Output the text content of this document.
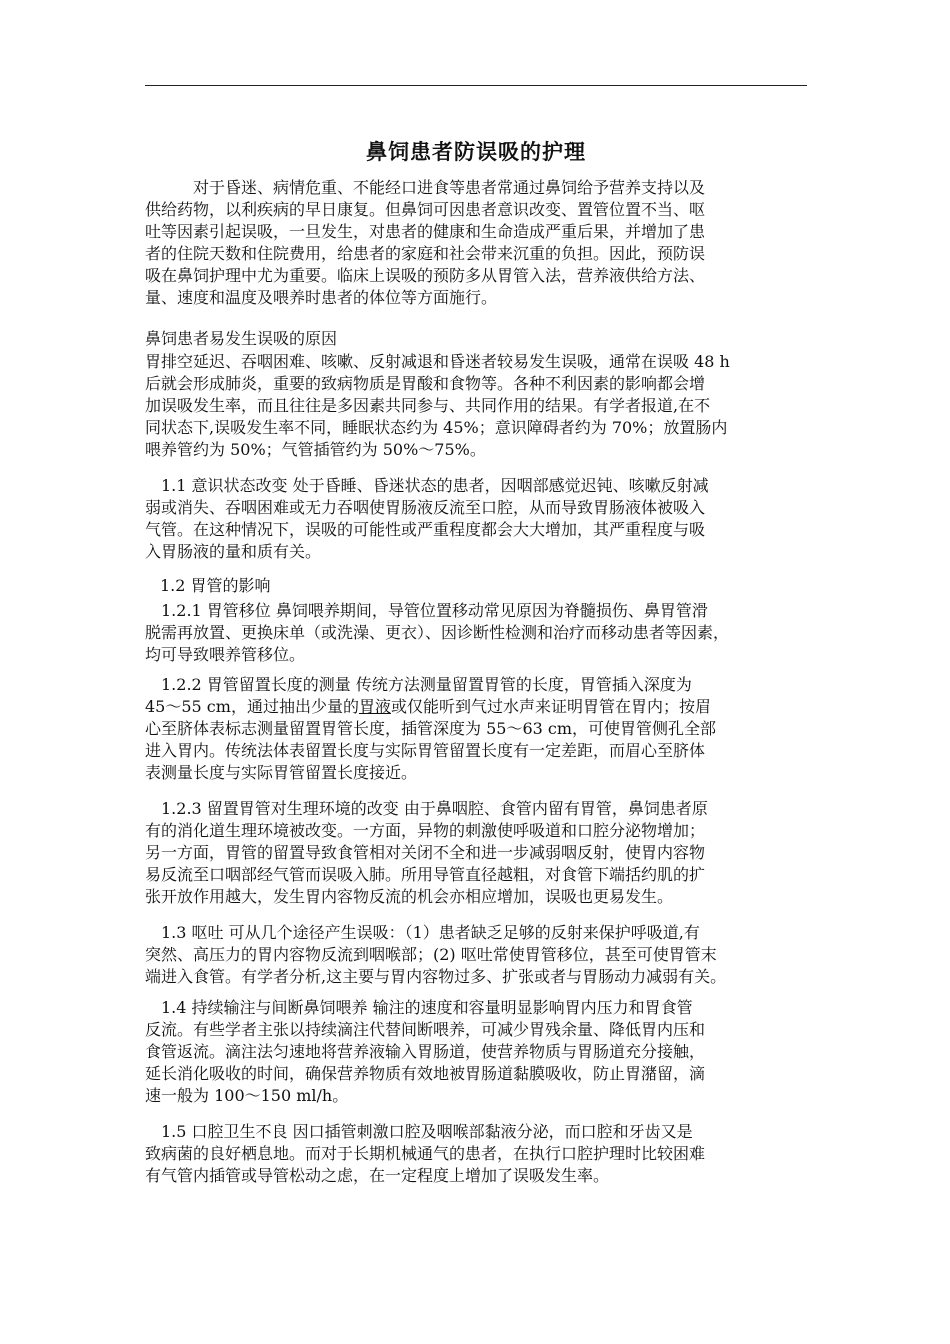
鼻饲患者防误吸的护理
　　　对于昏迷、病情危重、不能经口进食等患者常通过鼻饲给予营养支持以及
供给药物，以利疾病的早日康复。但鼻饲可因患者意识改变、置管位置不当、呕
吐等因素引起误吸，一旦发生，对患者的健康和生命造成严重后果，并增加了患
者的住院天数和住院费用，给患者的家庭和社会带来沉重的负担。因此，预防误
吸在鼻饲护理中尤为重要。临床上误吸的预防多从胃管入法，营养液供给方法、
量、速度和温度及喂养时患者的体位等方面施行。
鼻饲患者易发生误吸的原因
胃排空延迟、吞咽困难、咳嗽、反射减退和昏迷者较易发生误吸，通常在误吸 48 h
后就会形成肺炎，重要的致病物质是胃酸和食物等。各种不利因素的影响都会增
加误吸发生率，而且往往是多因素共同参与、共同作用的结果。有学者报道,在不
同状态下,误吸发生率不同，睡眠状态约为 45%；意识障碍者约为 70%；放置肠内
喂养管约为 50%；气管插管约为 50%～75%。
　1.1 意识状态改变 处于昏睡、昏迷状态的患者，因咽部感觉迟钝、咳嗽反射减
弱或消失、吞咽困难或无力吞咽使胃肠液反流至口腔，从而导致胃肠液体被吸入
气管。在这种情况下，误吸的可能性或严重程度都会大大增加，其严重程度与吸
入胃肠液的量和质有关。
1.2 胃管的影响
　1.2.1 胃管移位 鼻饲喂养期间，导管位置移动常见原因为脊髓损伤、鼻胃管滑
脱需再放置、更换床单（或洗澡、更衣）、因诊断性检测和治疗而移动患者等因素，
均可导致喂养管移位。
　1.2.2 胃管留置长度的测量 传统方法测量留置胃管的长度，胃管插入深度为
45～55 cm，通过抽出少量的胃液或仅能听到气过水声来证明胃管在胃内；按眉
心至脐体表标志测量留置胃管长度，插管深度为 55～63 cm，可使胃管侧孔全部
进入胃内。传统法体表留置长度与实际胃管留置长度有一定差距，而眉心至脐体
表测量长度与实际胃管留置长度接近。
　1.2.3 留置胃管对生理环境的改变 由于鼻咽腔、食管内留有胃管，鼻饲患者原
有的消化道生理环境被改变。一方面，异物的刺激使呼吸道和口腔分泌物增加；
另一方面，胃管的留置导致食管相对关闭不全和进一步减弱咽反射，使胃内容物
易反流至口咽部经气管而误吸入肺。所用导管直径越粗，对食管下端括约肌的扩
张开放作用越大，发生胃内容物反流的机会亦相应增加，误吸也更易发生。
　1.3 呕吐 可从几个途径产生误吸：（1）患者缺乏足够的反射来保护呼吸道,有
突然、高压力的胃内容物反流到咽喉部；(2) 呕吐常使胃管移位，甚至可使胃管末
端进入食管。有学者分析,这主要与胃内容物过多、扩张或者与胃肠动力减弱有关。
　1.4 持续输注与间断鼻饲喂养 输注的速度和容量明显影响胃内压力和胃食管
反流。有些学者主张以持续滴注代替间断喂养，可减少胃残余量、降低胃内压和
食管返流。滴注法匀速地将营养液输入胃肠道，使营养物质与胃肠道充分接触，
延长消化吸收的时间，确保营养物质有效地被胃肠道黏膜吸收，防止胃潴留，滴
速一般为 100～150 ml/h。
　1.5 口腔卫生不良 因口插管刺激口腔及咽喉部黏液分泌，而口腔和牙齿又是
致病菌的良好栖息地。而对于长期机械通气的患者，在执行口腔护理时比较困难
有气管内插管或导管松动之虑，在一定程度上增加了误吸发生率。
